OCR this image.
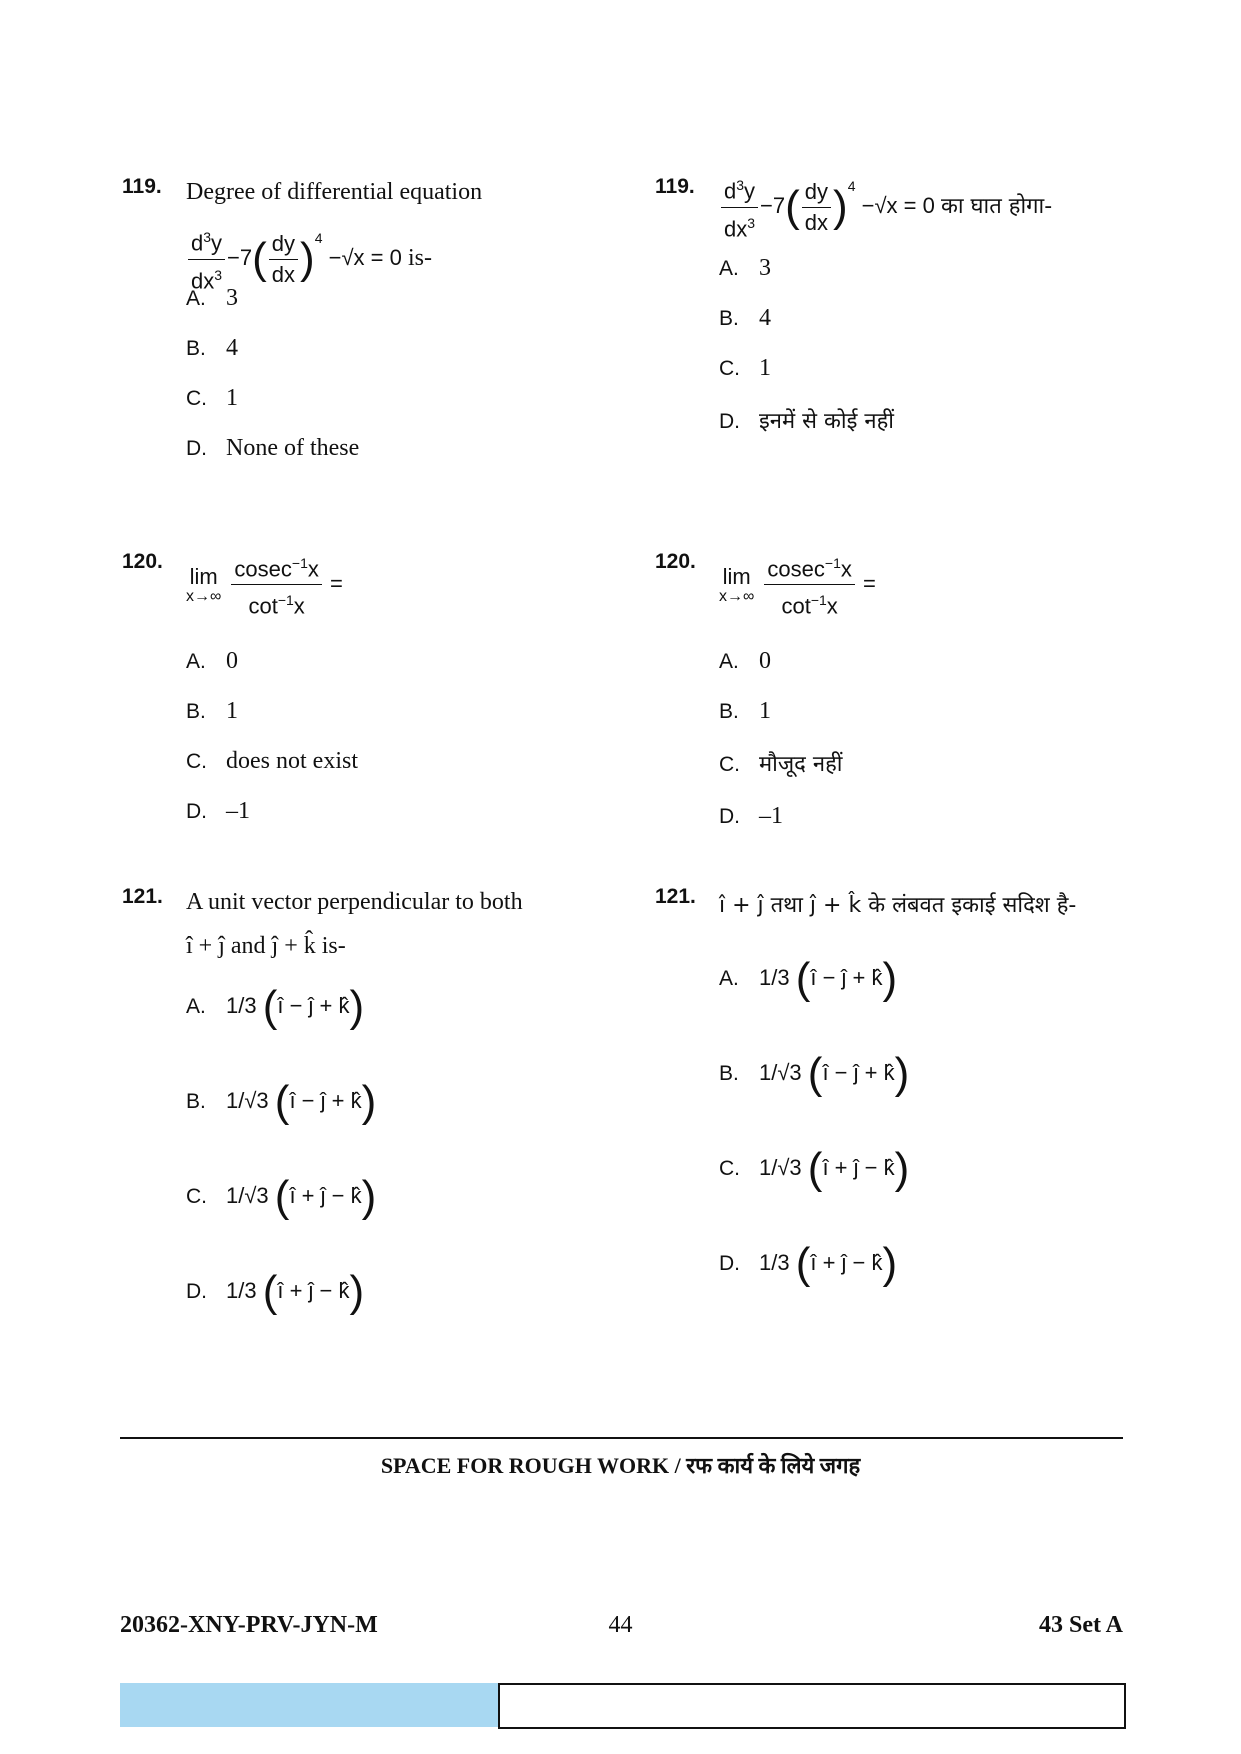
119. Degree of differential equation
$\frac{d^3y}{dx^3} -7( \frac{dy}{dx} )^4 -√x = 0$ is-
A. 3
B. 4
C. 1
D. None of these
120.
lim
$x\to\infty \frac{cosec^{-1}x}{\cot^{-1}x}$ =
A. 0
B. 1
C. does not exist
D. –1
121. A unit vector perpendicular to both
î + ĵ and ĵ + k̂ is-
A. 1/3 (î − ĵ + k̂)
B. 1/√3 (î − ĵ + k̂)
C. 1/√3 (î + ĵ − k̂)
D. 1/3 (î + ĵ − k̂)
119. $\frac{d^3y}{dx^3} -7( \frac{dy}{dx} )^4 -√x = 0$ का घात होगा-
A. 3
B. 4
C. 1
D. इनमें से कोई नहीं
120.
lim
$x\to\infty \frac{cosec^{-1}x}{\cot^{-1}x}$ =
A. 0
B. 1
C. मौजूद नहीं
D. –1
121. î + ĵ तथा ĵ + k̂ के लंबवत इकाई सदिश है-
A. 1/3 (î − ĵ + k̂)
B. 1/√3 (î − ĵ + k̂)
C. 1/√3 (î + ĵ − k̂)
D. 1/3 (î + ĵ − k̂)
SPACE FOR ROUGH WORK / रफ कार्य के लिये जगह
20362-XNY-PRV-JYN-M	44	43 Set A
